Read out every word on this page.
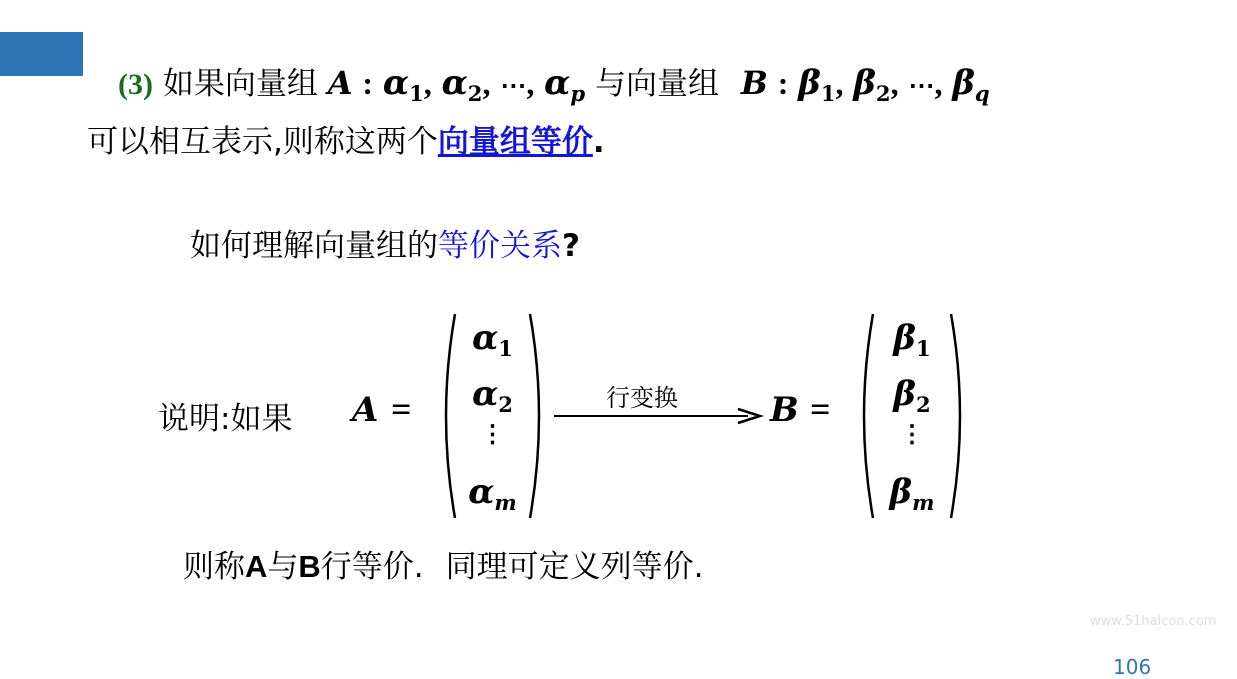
(3) 如果向量组 A : $\alpha_1$, $\alpha_2$, ⋯, $\alpha_p$ 与向量组 B : $\beta_1$, $\beta_2$, ⋯, $\beta_q$
可以相互表示,则称这两个向量组等价.
如何理解向量组的等价关系?
说明:如果 A =
$\alpha_1$
$\alpha_2$
⋮
$\alpha_m$
行变换	B =
$\beta_1$
$\beta_2$
⋮
$\beta_m$
则称A与B行等价. 同理可定义列等价.
www.51halcon.com
106
